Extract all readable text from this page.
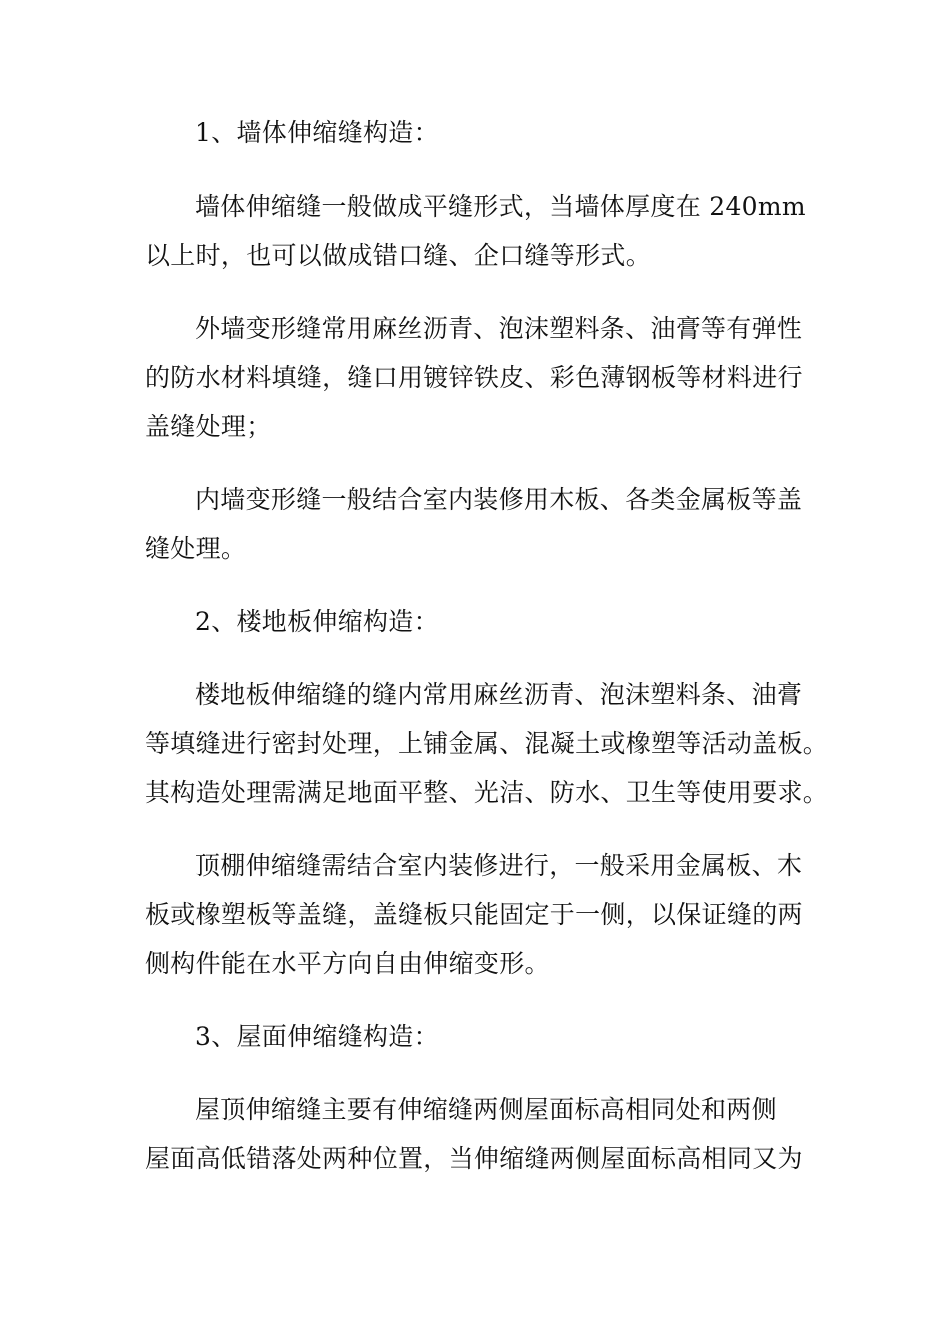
1、墙体伸缩缝构造：
墙体伸缩缝一般做成平缝形式，当墙体厚度在 240mm
以上时，也可以做成错口缝、企口缝等形式。
外墙变形缝常用麻丝沥青、泡沫塑料条、油膏等有弹性
的防水材料填缝，缝口用镀锌铁皮、彩色薄钢板等材料进行
盖缝处理；
内墙变形缝一般结合室内装修用木板、各类金属板等盖
缝处理。
2、楼地板伸缩构造：
楼地板伸缩缝的缝内常用麻丝沥青、泡沫塑料条、油膏
等填缝进行密封处理，上铺金属、混凝土或橡塑等活动盖板。
其构造处理需满足地面平整、光洁、防水、卫生等使用要求。
顶棚伸缩缝需结合室内装修进行，一般采用金属板、木
板或橡塑板等盖缝，盖缝板只能固定于一侧，以保证缝的两
侧构件能在水平方向自由伸缩变形。
3、屋面伸缩缝构造：
屋顶伸缩缝主要有伸缩缝两侧屋面标高相同处和两侧
屋面高低错落处两种位置，当伸缩缝两侧屋面标高相同又为
